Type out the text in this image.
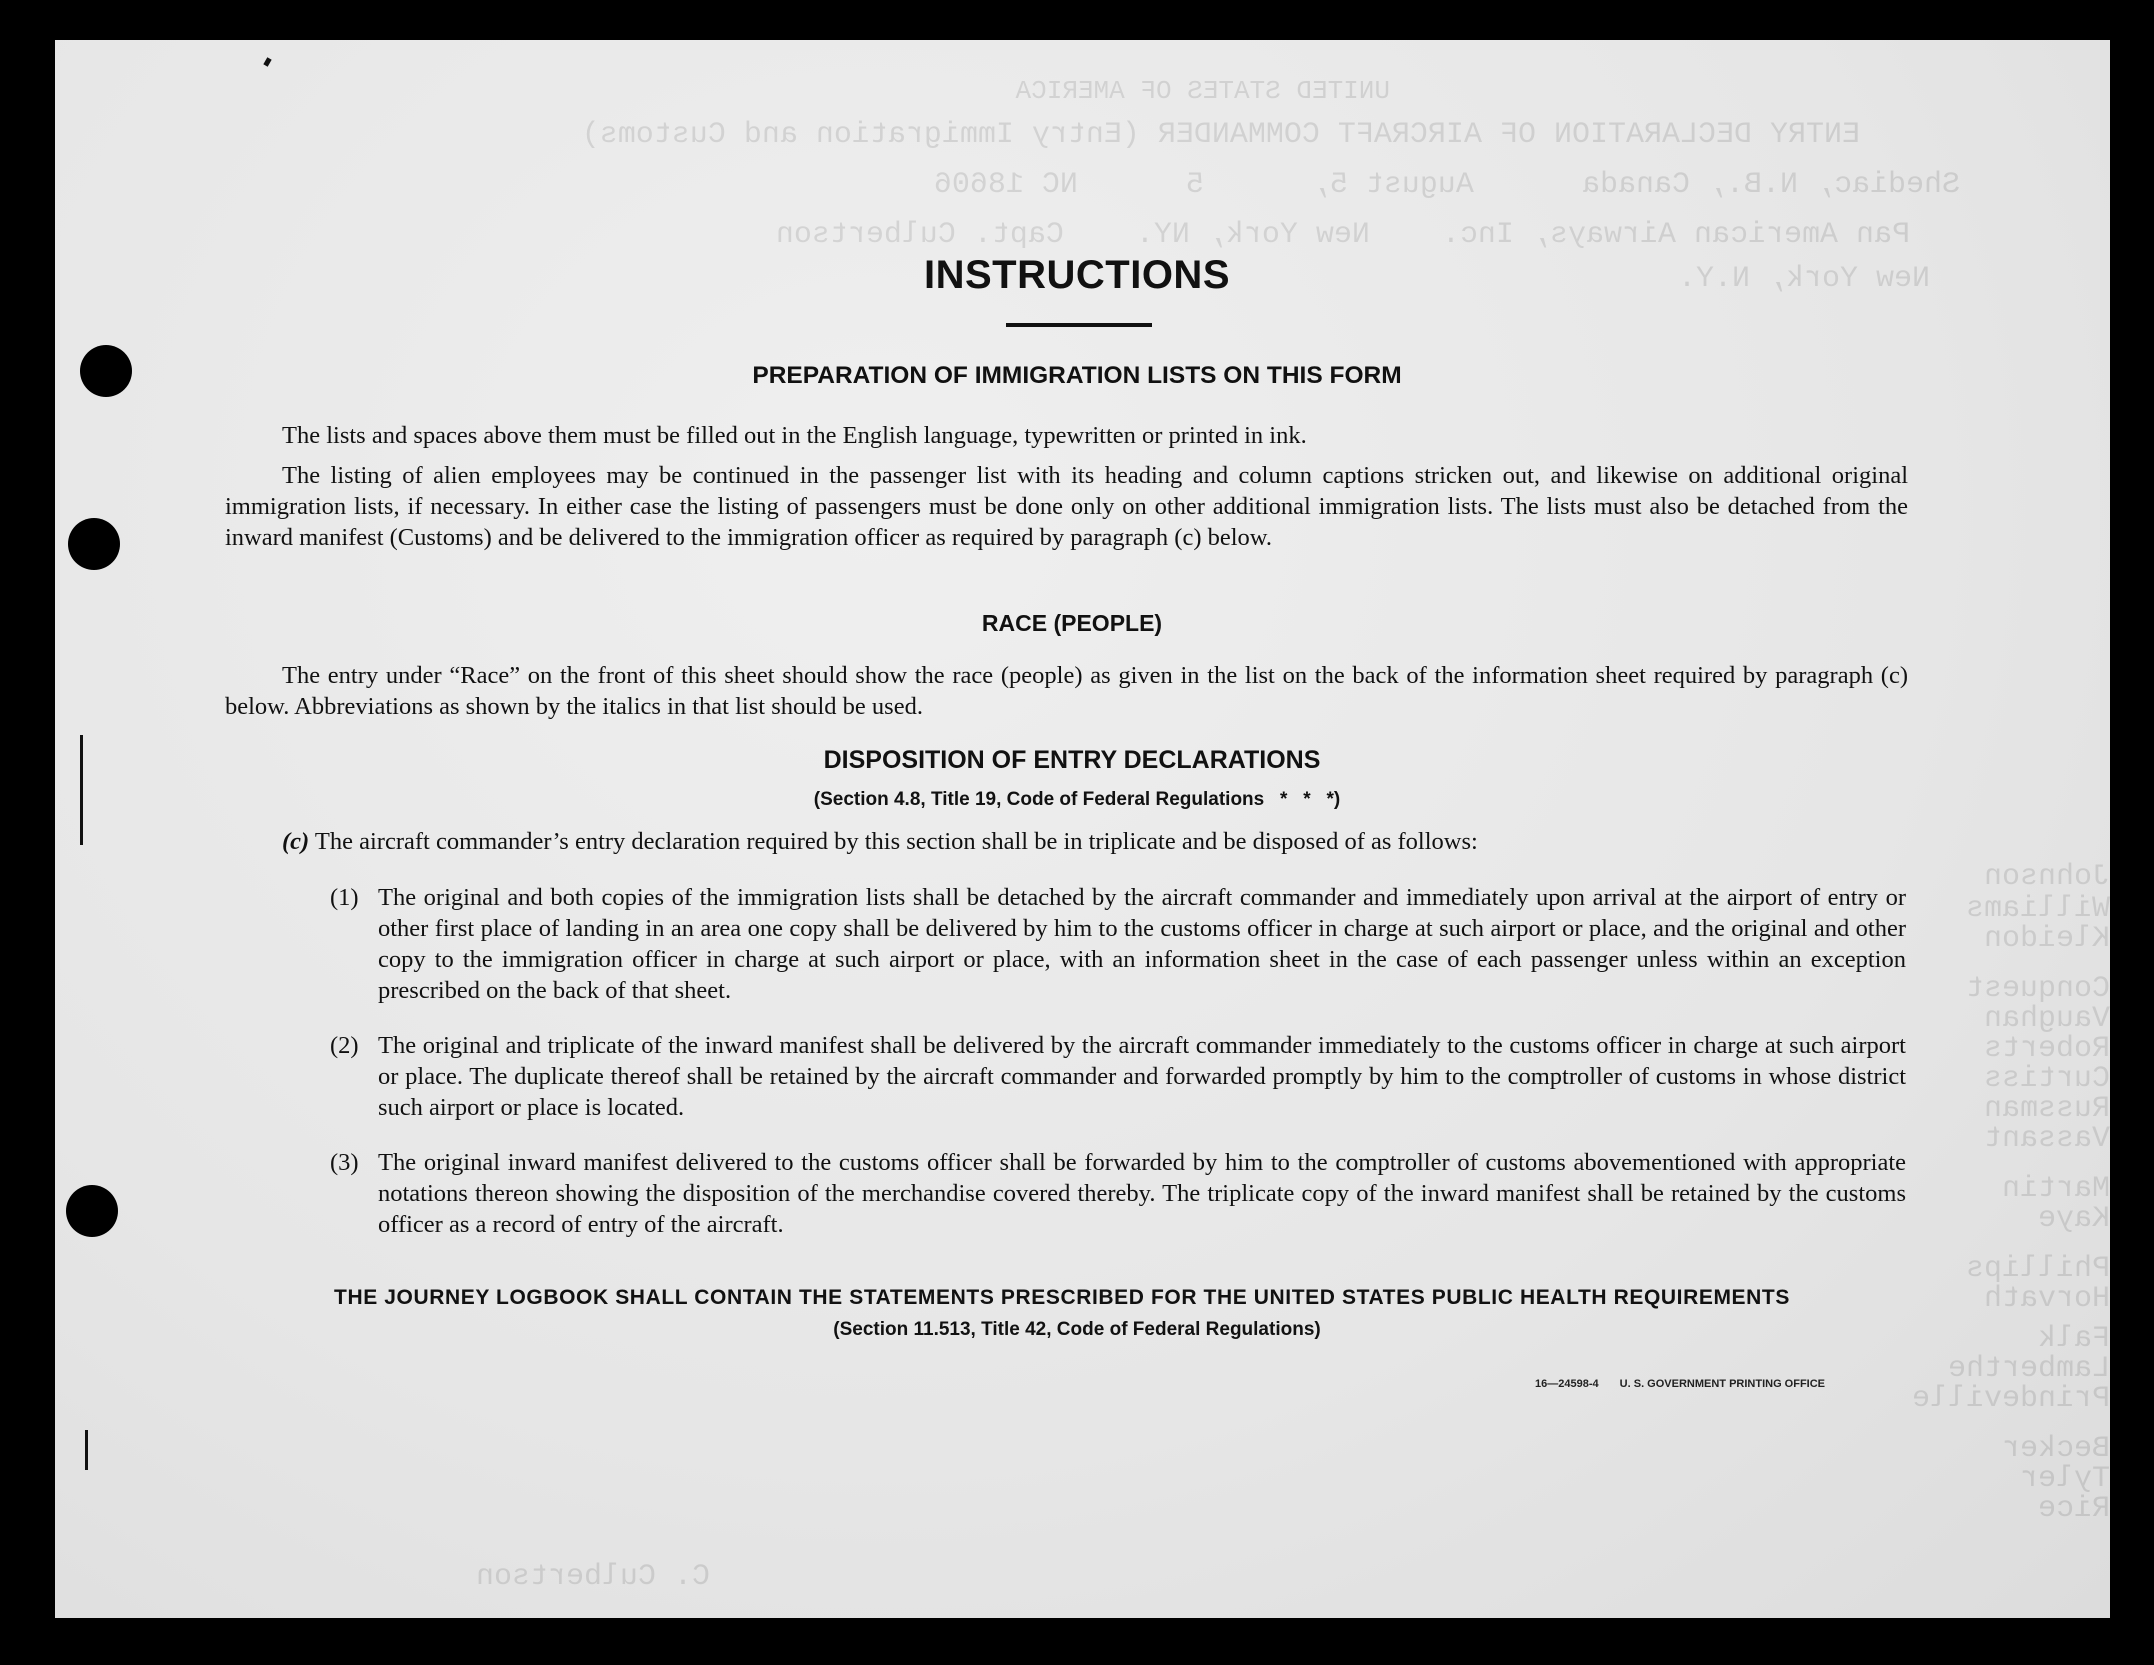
UNITED STATES OF AMERICA
ENTRY DECLARATION OF AIRCRAFT COMMANDER (Entry Immigration and Customs)
Shediac, N.B., Canada      August 5,      5      NC 18606
Pan American Airways, Inc.    New York, NY.    Capt. Culbertson
New York, N.Y.
Johnson
Williams
Kleidon
Conquest
Vaughan
Roberts
Curtiss
Russman
Vassant
Martin
Kaye
Phillips
Horvath
Falk
Lamberthe
Prindeville
Becker
Tyler
Rice
C. Culbertson
INSTRUCTIONS
PREPARATION OF IMMIGRATION LISTS ON THIS FORM
The lists and spaces above them must be filled out in the English language, typewritten or printed in ink.
The listing of alien employees may be continued in the passenger list with its heading and column captions stricken out, and likewise on additional original immigration lists, if necessary. In either case the listing of passengers must be done only on other additional immigration lists. The lists must also be detached from the inward manifest (Customs) and be delivered to the immigration officer as required by paragraph (c) below.
RACE (PEOPLE)
The entry under “Race” on the front of this sheet should show the race (people) as given in the list on the back of the information sheet required by paragraph (c) below. Abbreviations as shown by the italics in that list should be used.
DISPOSITION OF ENTRY DECLARATIONS
(Section 4.8, Title 19, Code of Federal Regulations   *   *   *)
(c) The aircraft commander’s entry declaration required by this section shall be in triplicate and be disposed of as follows:
(1) The original and both copies of the immigration lists shall be detached by the aircraft commander and immediately upon arrival at the airport of entry or other first place of landing in an area one copy shall be delivered by him to the customs officer in charge at such airport or place, and the original and other copy to the immigration officer in charge at such airport or place, with an information sheet in the case of each passenger unless within an exception prescribed on the back of that sheet.
(2) The original and triplicate of the inward manifest shall be delivered by the aircraft commander immediately to the customs officer in charge at such airport or place. The duplicate thereof shall be retained by the aircraft commander and forwarded promptly by him to the comptroller of customs in whose district such airport or place is located.
(3) The original inward manifest delivered to the customs officer shall be forwarded by him to the comptroller of customs abovementioned with appropriate notations thereon showing the disposition of the merchandise covered thereby. The triplicate copy of the inward manifest shall be retained by the customs officer as a record of entry of the aircraft.
THE JOURNEY LOGBOOK SHALL CONTAIN THE STATEMENTS PRESCRIBED FOR THE UNITED STATES PUBLIC HEALTH REQUIREMENTS
(Section 11.513, Title 42, Code of Federal Regulations)
16—24598-4 U. S. GOVERNMENT PRINTING OFFICE
